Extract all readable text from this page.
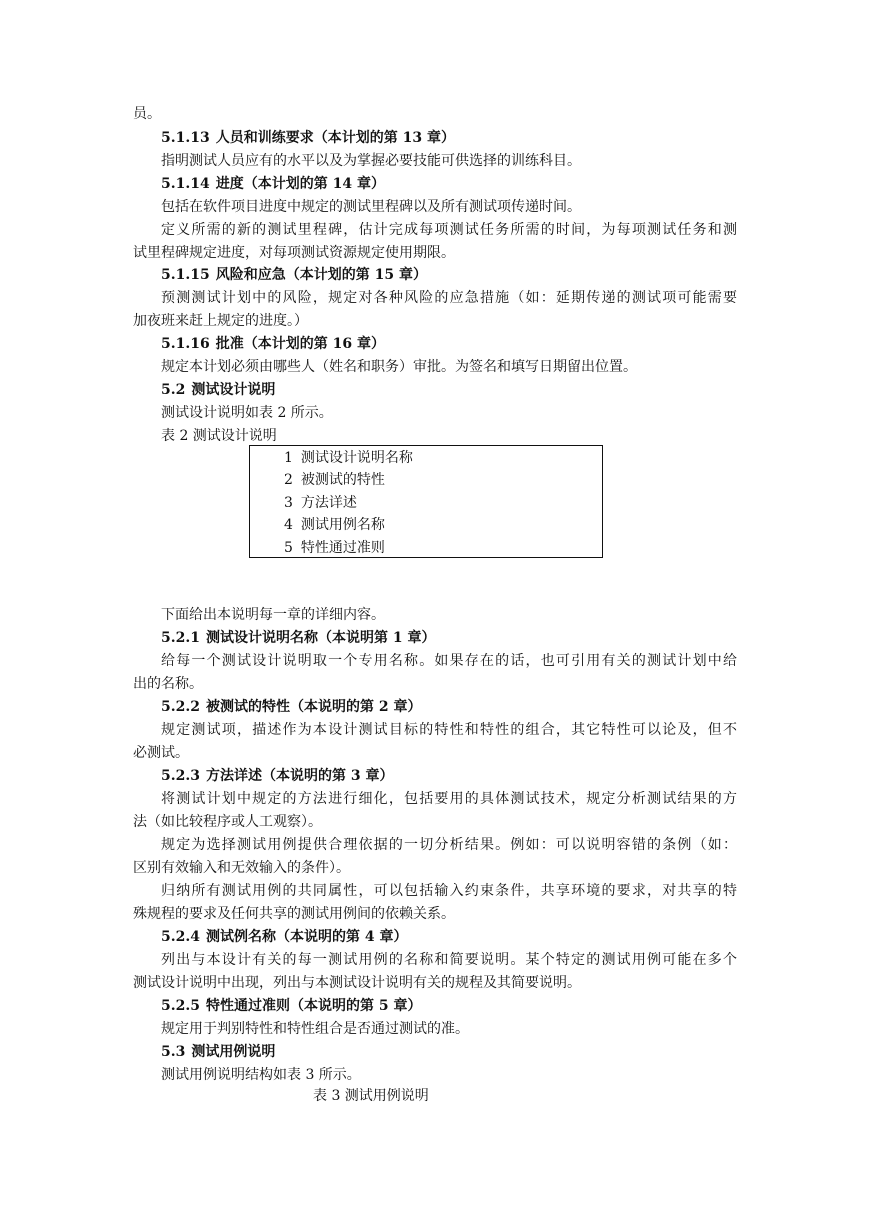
员。
5.1.13 人员和训练要求（本计划的第 13 章）
指明测试人员应有的水平以及为掌握必要技能可供选择的训练科目。
5.1.14 进度（本计划的第 14 章）
包括在软件项目进度中规定的测试里程碑以及所有测试项传递时间。
定义所需的新的测试里程碑，估计完成每项测试任务所需的时间，为每项测试任务和测
试里程碑规定进度，对每项测试资源规定使用期限。
5.1.15 风险和应急（本计划的第 15 章）
预测测试计划中的风险，规定对各种风险的应急措施（如：延期传递的测试项可能需要
加夜班来赶上规定的进度。）
5.1.16 批准（本计划的第 16 章）
规定本计划必须由哪些人（姓名和职务）审批。为签名和填写日期留出位置。
5.2 测试设计说明
测试设计说明如表 2 所示。
表 2 测试设计说明
1 测试设计说明名称
2 被测试的特性
3 方法详述
4 测试用例名称
5 特性通过准则
下面给出本说明每一章的详细内容。
5.2.1 测试设计说明名称（本说明第 1 章）
给每一个测试设计说明取一个专用名称。如果存在的话，也可引用有关的测试计划中给
出的名称。
5.2.2 被测试的特性（本说明的第 2 章）
规定测试项，描述作为本设计测试目标的特性和特性的组合，其它特性可以论及，但不
必测试。
5.2.3 方法详述（本说明的第 3 章）
将测试计划中规定的方法进行细化，包括要用的具体测试技术，规定分析测试结果的方
法（如比较程序或人工观察）。
规定为选择测试用例提供合理依据的一切分析结果。例如：可以说明容错的条例（如：
区别有效输入和无效输入的条件）。
归纳所有测试用例的共同属性，可以包括输入约束条件，共享环境的要求，对共享的特
殊规程的要求及任何共享的测试用例间的依赖关系。
5.2.4 测试例名称（本说明的第 4 章）
列出与本设计有关的每一测试用例的名称和简要说明。某个特定的测试用例可能在多个
测试设计说明中出现，列出与本测试设计说明有关的规程及其简要说明。
5.2.5 特性通过准则（本说明的第 5 章）
规定用于判别特性和特性组合是否通过测试的准。
5.3 测试用例说明
测试用例说明结构如表 3 所示。
表 3 测试用例说明
